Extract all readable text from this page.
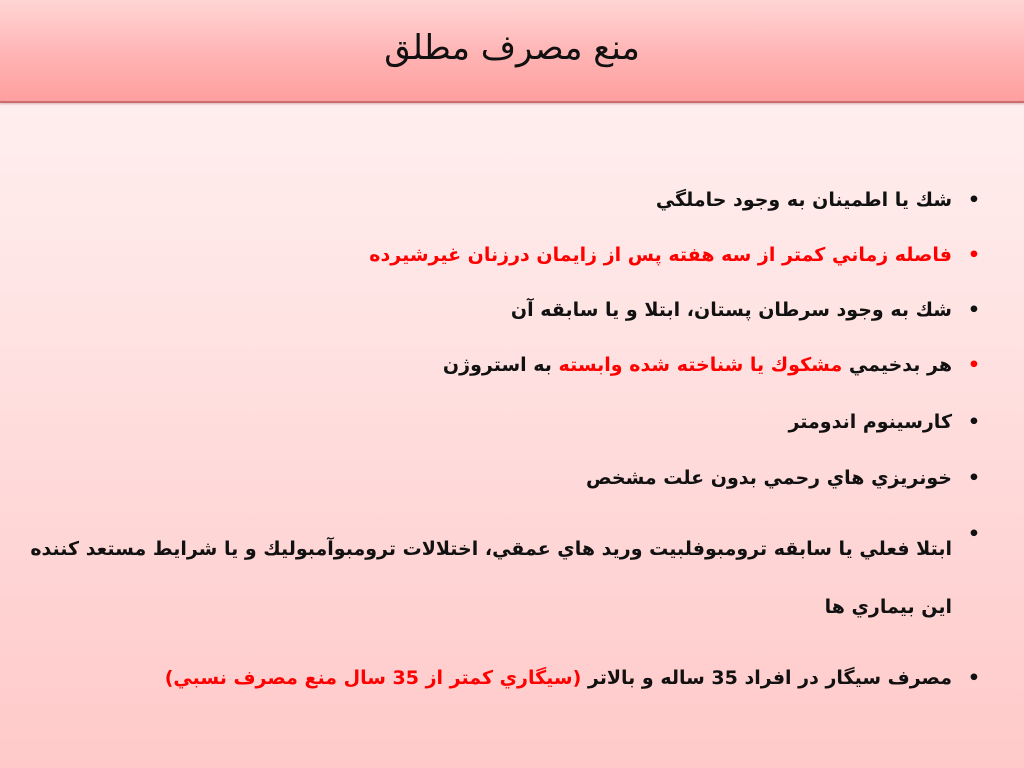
منع مصرف مطلق
•
شك يا اطمينان به وجود حاملگي
•
فاصله زماني كمتر از سه هفته پس از زايمان درزنان غيرشيرده
•
شك به وجود سرطان پستان، ابتلا و يا سابقه آن
•
هر بدخيمي مشكوك يا شناخته شده وابسته به استروژن
•
كارسينوم اندومتر
•
خونريزي هاي رحمي بدون علت مشخص
•
ابتلا فعلي يا سابقه ترومبوفلبيت وريد هاي عمقي، اختلالات ترومبوآمبوليك و يا شرايط مستعد كننده اين بيماري ها
•
مصرف سيگار در افراد 35 ساله و بالاتر (سيگاري كمتر از 35 سال منع مصرف نسبي)
